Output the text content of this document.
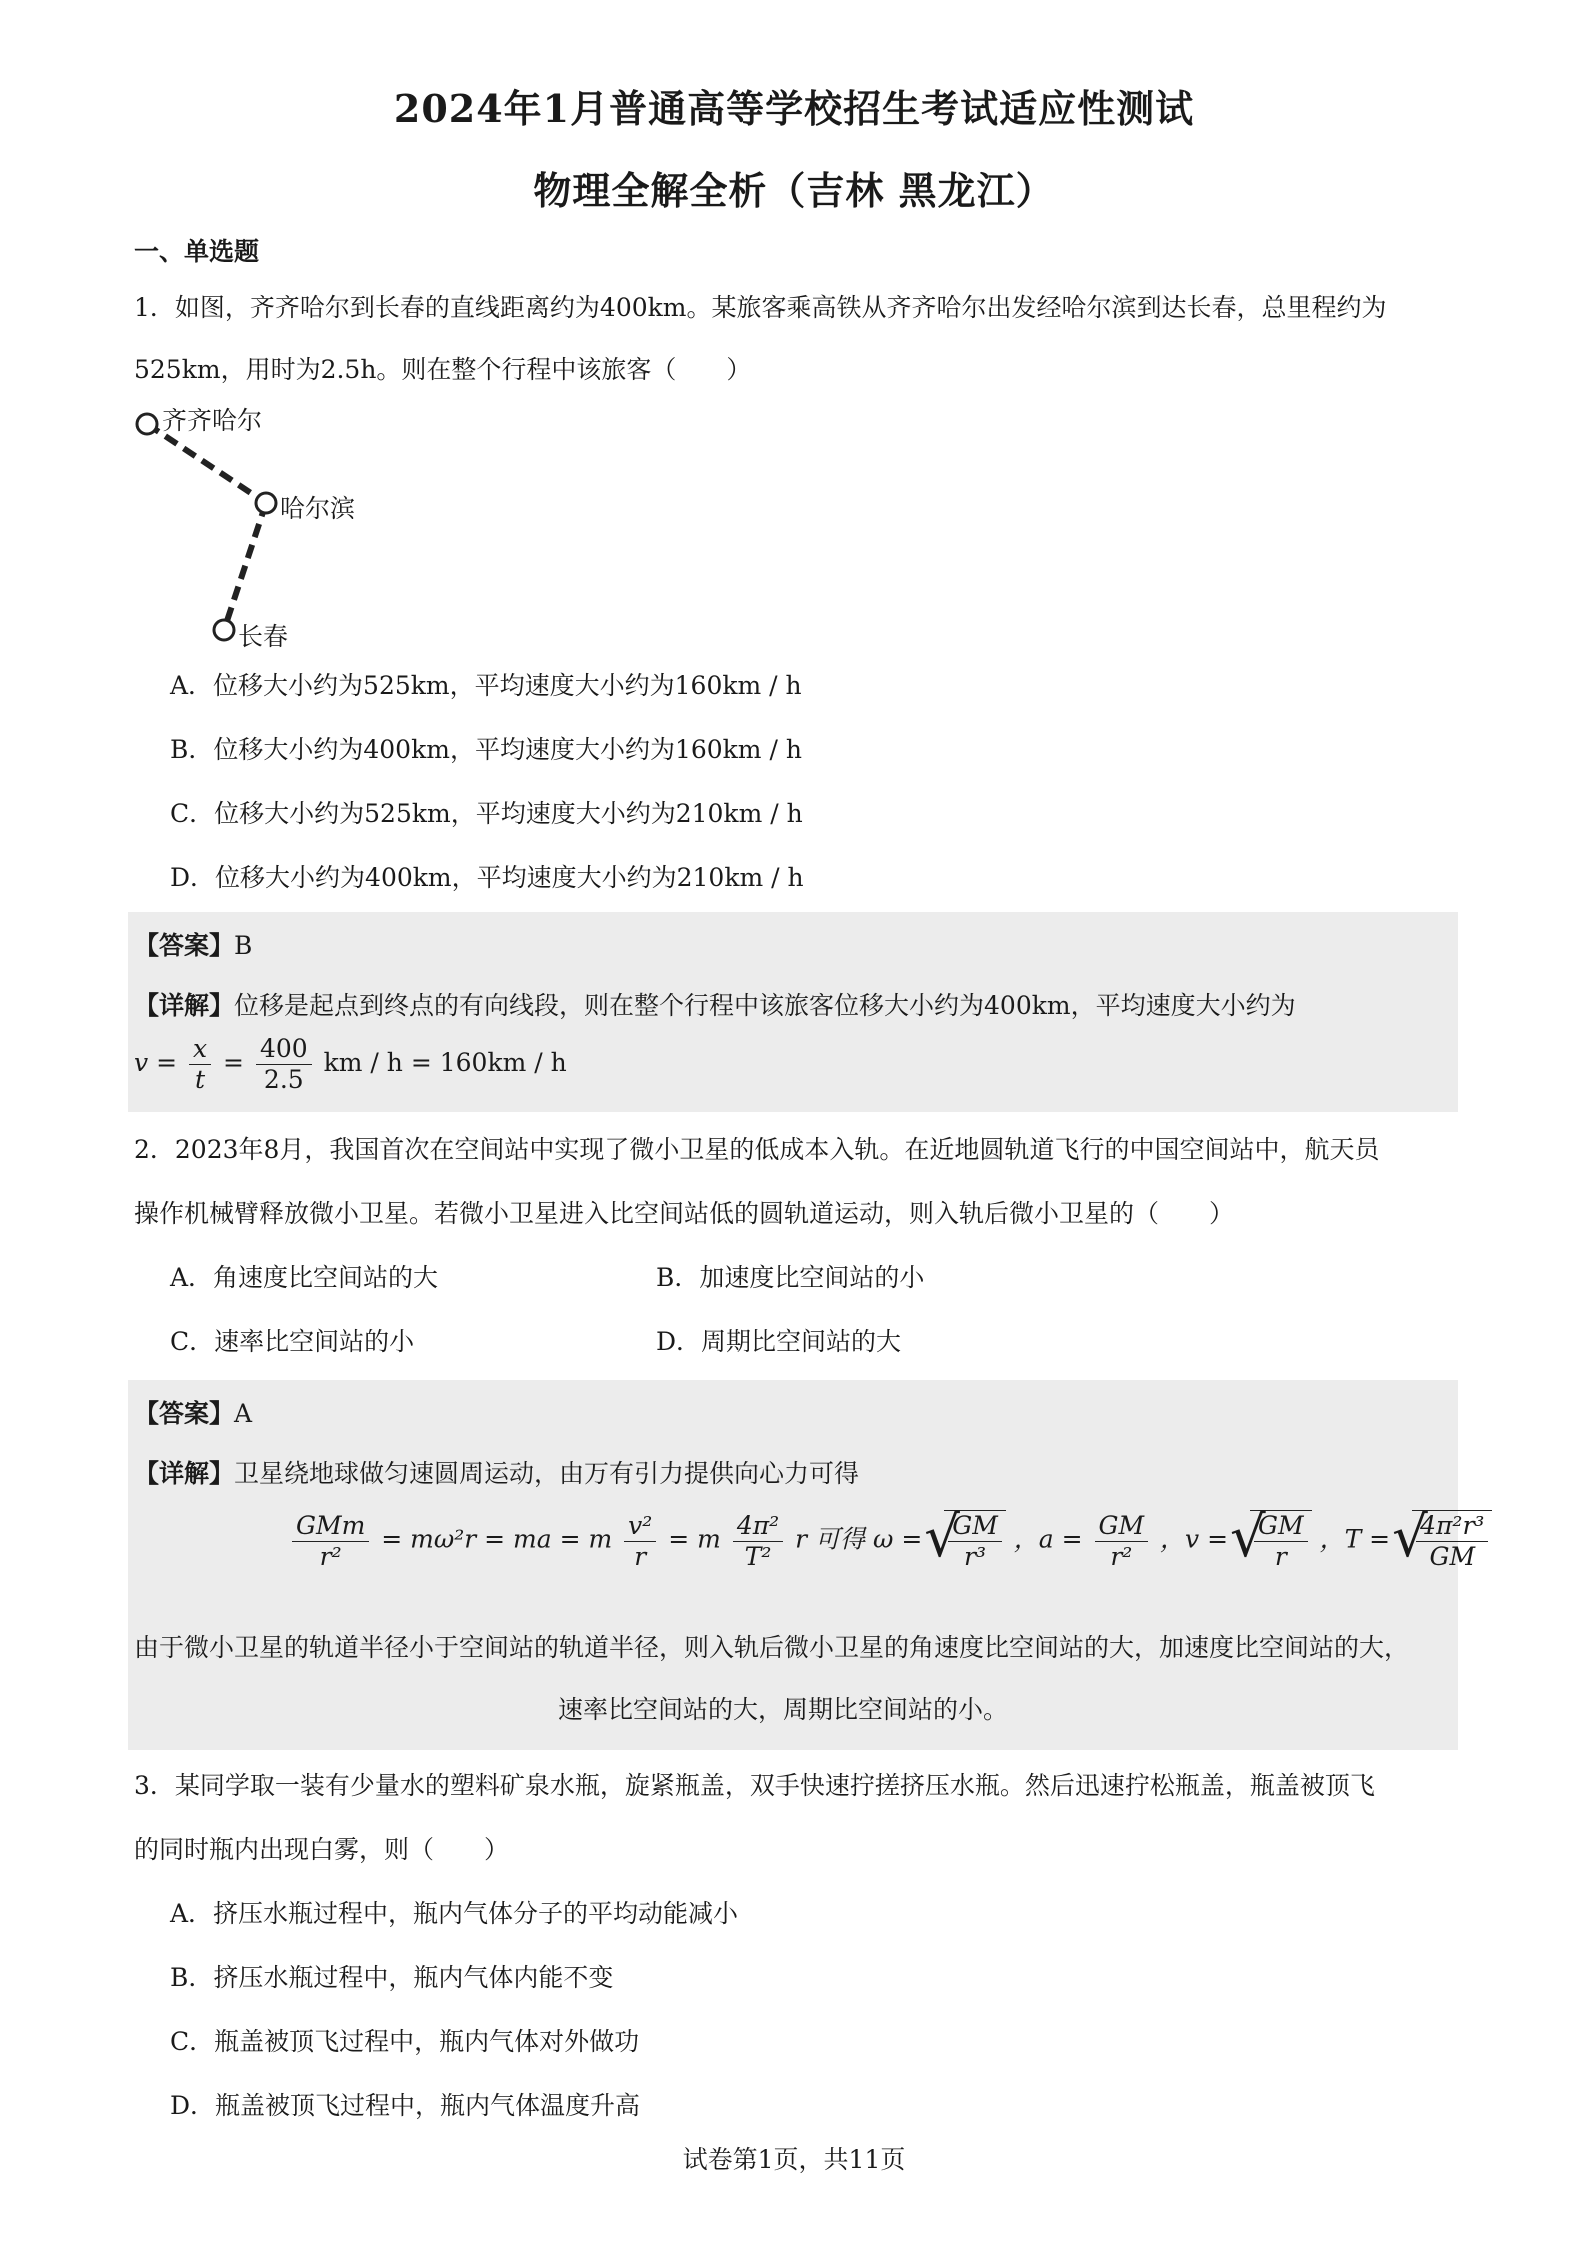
2024年1月普通高等学校招生考试适应性测试
物理全解全析（吉林 黑龙江）
一、单选题
1．如图，齐齐哈尔到长春的直线距离约为400km。某旅客乘高铁从齐齐哈尔出发经哈尔滨到达长春，总里程约为
525km，用时为2.5h。则在整个行程中该旅客（　　）
齐齐哈尔
哈尔滨
长春
A．位移大小约为525km，平均速度大小约为160km / h
B．位移大小约为400km，平均速度大小约为160km / h
C．位移大小约为525km，平均速度大小约为210km / h
D．位移大小约为400km，平均速度大小约为210km / h
【答案】B
【详解】位移是起点到终点的有向线段，则在整个行程中该旅客位移大小约为400km，平均速度大小约为
$v = \frac{x}{t} = \frac{400}{2.5}$ km / h = 160km / h
2．2023年8月，我国首次在空间站中实现了微小卫星的低成本入轨。在近地圆轨道飞行的中国空间站中，航天员
操作机械臂释放微小卫星。若微小卫星进入比空间站低的圆轨道运动，则入轨后微小卫星的（　　）
A．角速度比空间站的大	B．加速度比空间站的小
C．速率比空间站的小	D．周期比空间站的大
【答案】A
【详解】卫星绕地球做匀速圆周运动，由万有引力提供向心力可得
$\frac{\text{GMm}}{\text{r²}} = m\omega^2r$ = ma = m $\frac{\text{v²}}{r} = m \frac{\text{4π²}}{\text{T²}}$ r 可得 ω = √ $\frac{GM}{\text{r³}}$ ，$a = \frac{GM}{\text{r²}}$ ，v = √ $\frac{GM}{r}$ ，T = √ $\frac{\text{4π²r³}}{GM}$
由于微小卫星的轨道半径小于空间站的轨道半径，则入轨后微小卫星的角速度比空间站的大，加速度比空间站的大，
速率比空间站的大，周期比空间站的小。
3．某同学取一装有少量水的塑料矿泉水瓶，旋紧瓶盖，双手快速拧搓挤压水瓶。然后迅速拧松瓶盖，瓶盖被顶飞
的同时瓶内出现白雾，则（　　）
A．挤压水瓶过程中，瓶内气体分子的平均动能减小
B．挤压水瓶过程中，瓶内气体内能不变
C．瓶盖被顶飞过程中，瓶内气体对外做功
D．瓶盖被顶飞过程中，瓶内气体温度升高
试卷第1页，共11页
